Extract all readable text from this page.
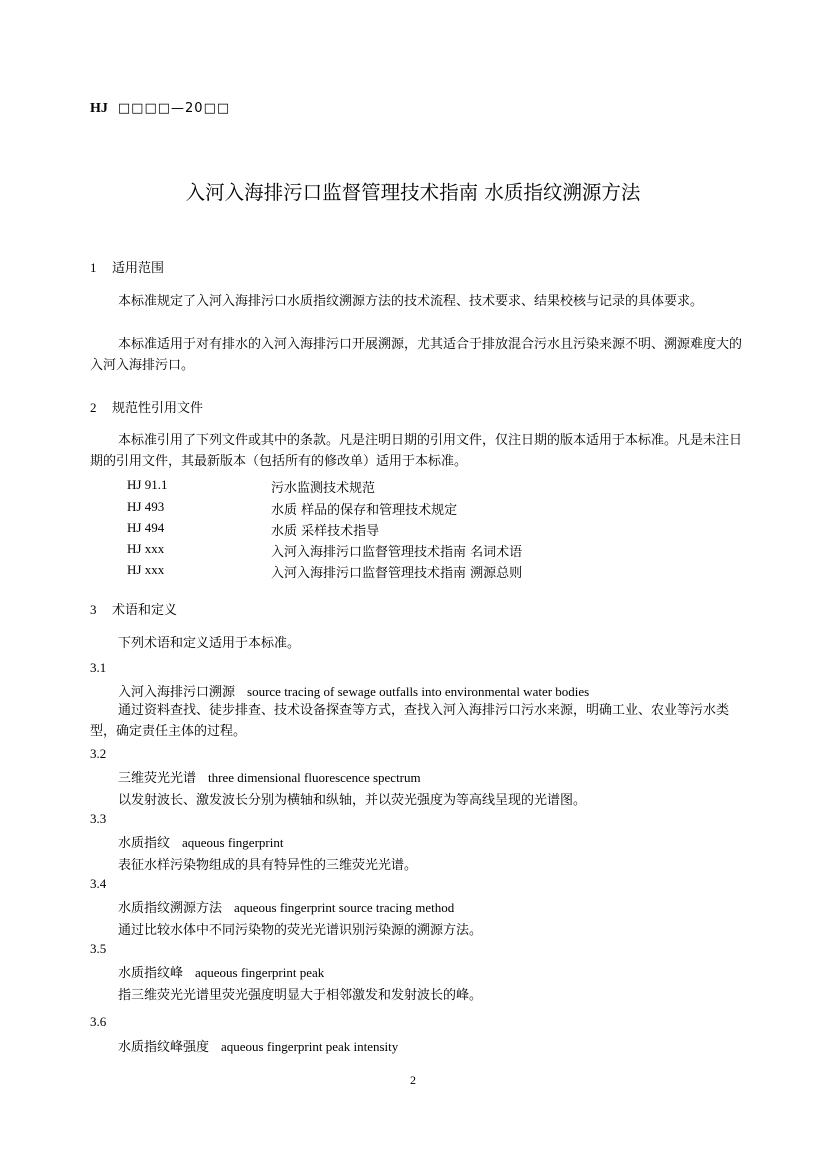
HJ □□□□—20□□
入河入海排污口监督管理技术指南 水质指纹溯源方法
1 适用范围
本标准规定了入河入海排污口水质指纹溯源方法的技术流程、技术要求、结果校核与记录的具体要求。
本标准适用于对有排水的入河入海排污口开展溯源，尤其适合于排放混合污水且污染来源不明、溯源难度大的入河入海排污口。
2 规范性引用文件
本标准引用了下列文件或其中的条款。凡是注明日期的引用文件，仅注日期的版本适用于本标准。凡是未注日期的引用文件，其最新版本（包括所有的修改单）适用于本标准。
HJ 91.1	污水监测技术规范
HJ 493	水质 样品的保存和管理技术规定
HJ 494	水质 采样技术指导
HJ xxx	入河入海排污口监督管理技术指南 名词术语
HJ xxx	入河入海排污口监督管理技术指南 溯源总则
3 术语和定义
下列术语和定义适用于本标准。
3.1
入河入海排污口溯源 source tracing of sewage outfalls into environmental water bodies
通过资料查找、徒步排查、技术设备探查等方式，查找入河入海排污口污水来源，明确工业、农业等污水类型，确定责任主体的过程。
3.2
三维荧光光谱 three dimensional fluorescence spectrum
以发射波长、激发波长分别为横轴和纵轴，并以荧光强度为等高线呈现的光谱图。
3.3
水质指纹 aqueous fingerprint
表征水样污染物组成的具有特异性的三维荧光光谱。
3.4
水质指纹溯源方法 aqueous fingerprint source tracing method
通过比较水体中不同污染物的荧光光谱识别污染源的溯源方法。
3.5
水质指纹峰 aqueous fingerprint peak
指三维荧光光谱里荧光强度明显大于相邻激发和发射波长的峰。
3.6
水质指纹峰强度 aqueous fingerprint peak intensity
2
